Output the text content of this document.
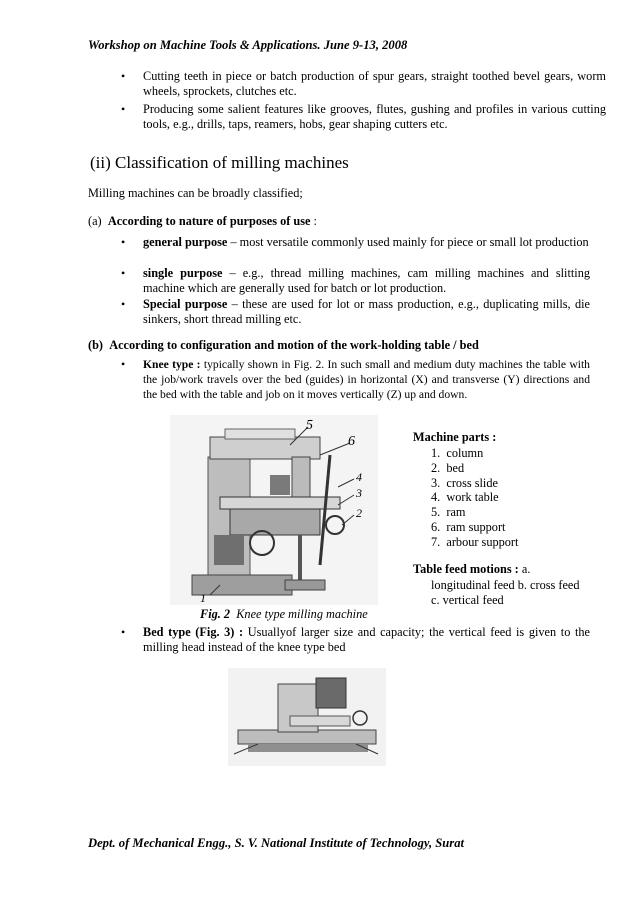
Workshop on Machine Tools & Applications. June 9-13, 2008
• Cutting teeth in piece or batch production of spur gears, straight toothed bevel gears, worm wheels, sprockets, clutches etc.
• Producing some salient features like grooves, flutes, gushing and profiles in various cutting tools, e.g., drills, taps, reamers, hobs, gear shaping cutters etc.
(ii) Classification of milling machines
Milling machines can be broadly classified;
(a) According to nature of purposes of use :
• general purpose – most versatile commonly used mainly for piece or small lot production
• single purpose – e.g., thread milling machines, cam milling machines and slitting machine which are generally used for batch or lot production.
• Special purpose – these are used for lot or mass production, e.g., duplicating mills, die sinkers, short thread milling etc.
(b) According to configuration and motion of the work-holding table / bed
• Knee type : typically shown in Fig. 2. In such small and medium duty machines the table with the job/work travels over the bed (guides) in horizontal (X) and transverse (Y) directions and the bed with the table and job on it moves vertically (Z) up and down.
5
6
4
3
2
1
Machine parts :
1.  column
2.  bed
3.  cross slide
4.  work table
5.  ram
6.  ram support
7.  arbour support
Table feed motions : a.
longitudinal feed b. cross feed
c. vertical feed
Fig. 2 Knee type milling machine
• Bed type (Fig. 3) : Usuallyof larger size and capacity; the vertical feed is given to the milling head instead of the knee type bed
Dept. of Mechanical Engg., S. V. National Institute of Technology, Surat
